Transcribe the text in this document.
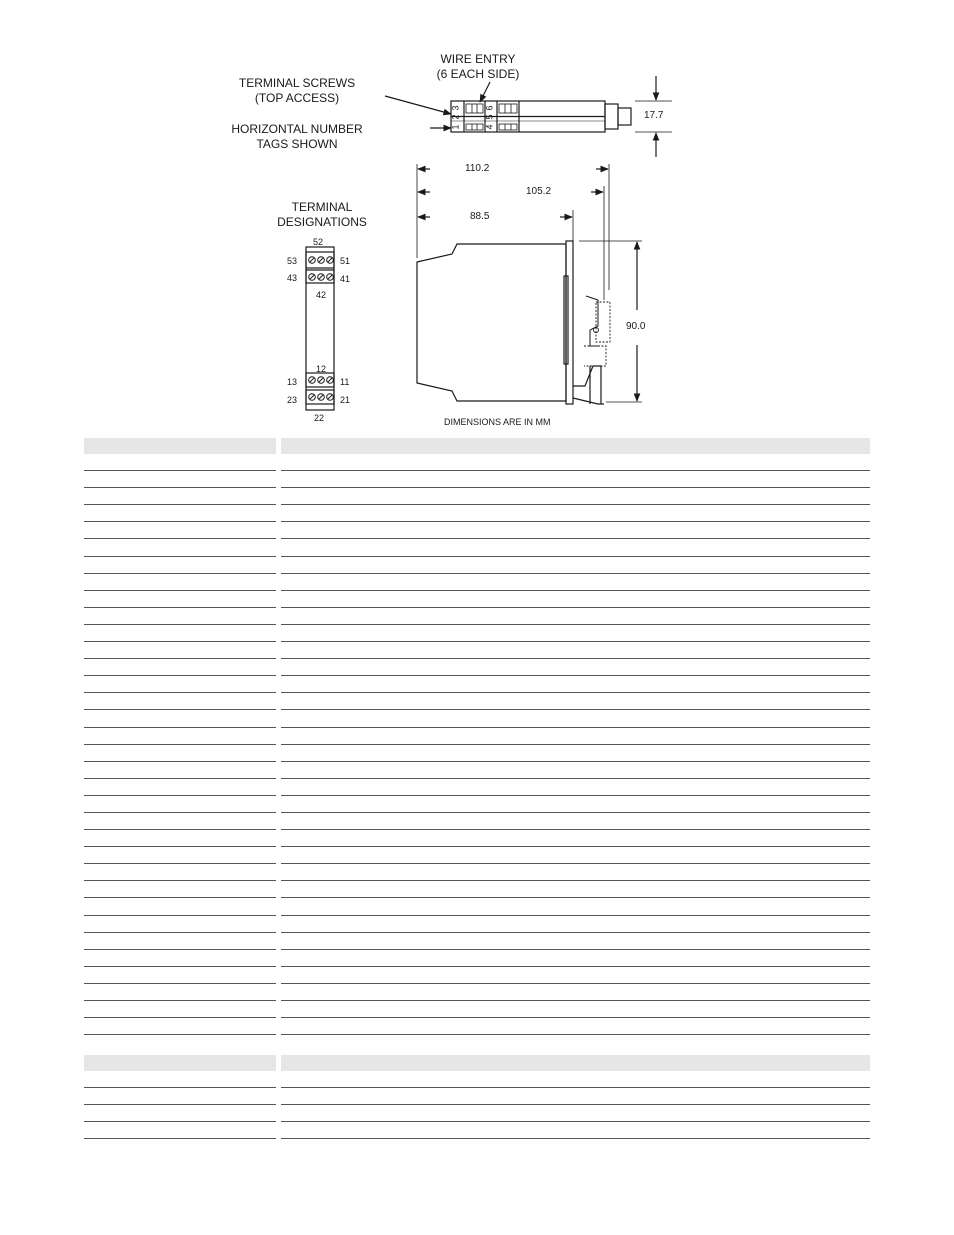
WIRE ENTRY
(6 EACH SIDE)
TERMINAL SCREWS
(TOP ACCESS)
HORIZONTAL NUMBER
TAGS SHOWN
TERMINAL
DESIGNATIONS
1
2
3
4
5
6
17.7
110.2
105.2
88.5
90.0
52
53	51
43	41
42
12
13	11
23	21
22	DIMENSIONS ARE IN MM
